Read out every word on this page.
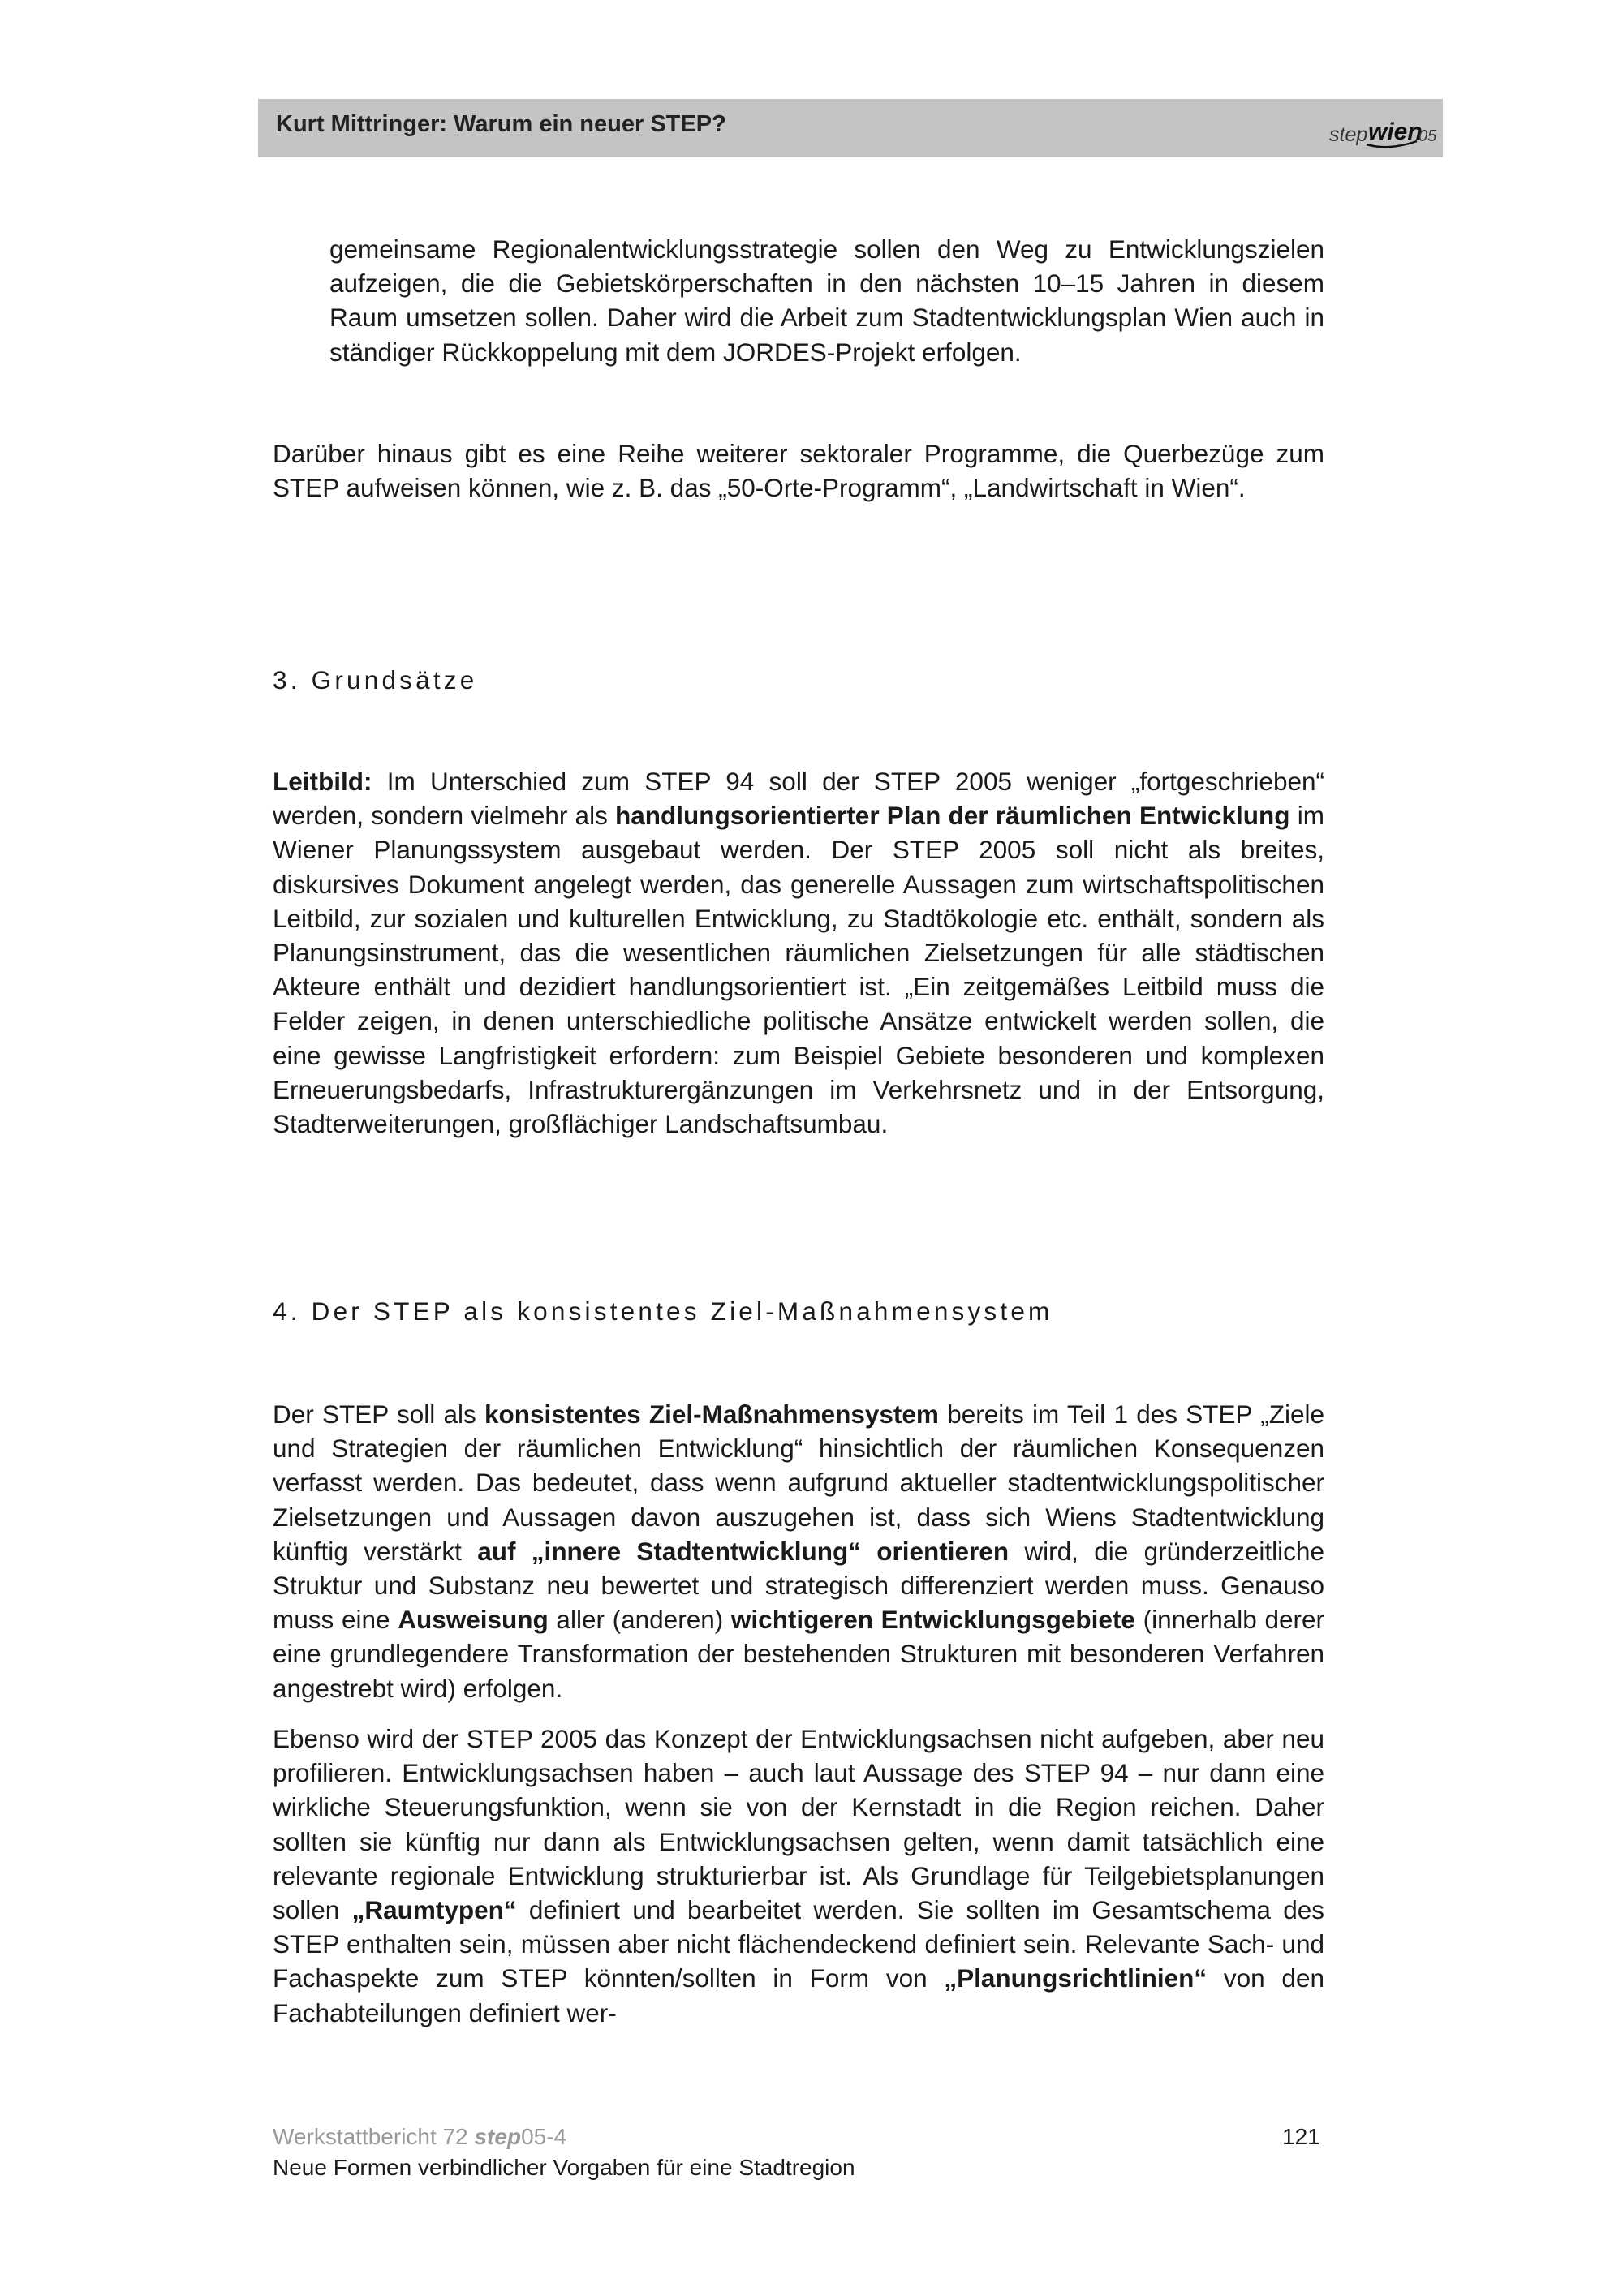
Kurt Mittringer: Warum ein neuer STEP?	step wien
05

gemeinsame Regionalentwicklungsstrategie sollen den Weg zu Entwicklungszielen aufzeigen, die die Gebietskörperschaften in den nächsten 10–15 Jahren in diesem Raum umsetzen sollen. Daher wird die Arbeit zum Stadtentwicklungsplan Wien auch in ständiger Rückkoppelung mit dem JORDES-Projekt erfolgen.

Darüber hinaus gibt es eine Reihe weiterer sektoraler Programme, die Querbezüge zum STEP aufweisen können, wie z. B. das „50-Orte-Programm“, „Landwirtschaft in Wien“.

3. Grundsätze

Leitbild: Im Unterschied zum STEP 94 soll der STEP 2005 weniger „fortgeschrieben“ werden, sondern vielmehr als handlungsorientierter Plan der räumlichen Entwicklung im Wiener Planungssystem ausgebaut werden. Der STEP 2005 soll nicht als breites, diskursives Dokument angelegt werden, das generelle Aussagen zum wirtschaftspolitischen Leitbild, zur sozialen und kulturellen Entwicklung, zu Stadtökologie etc. enthält, sondern als Planungsinstrument, das die wesentlichen räumlichen Zielsetzungen für alle städtischen Akteure enthält und dezidiert handlungsorientiert ist. „Ein zeitgemäßes Leitbild muss die Felder zeigen, in denen unterschiedliche politische Ansätze entwickelt werden sollen, die eine gewisse Langfristigkeit erfordern: zum Beispiel Gebiete besonderen und komplexen Erneuerungsbedarfs, Infrastrukturergänzungen im Verkehrsnetz und in der Entsorgung, Stadterweiterungen, großflächiger Landschaftsumbau.

4. Der STEP als konsistentes Ziel-Maßnahmensystem

Der STEP soll als konsistentes Ziel-Maßnahmensystem bereits im Teil 1 des STEP „Ziele und Strategien der räumlichen Entwicklung“ hinsichtlich der räumlichen Konsequenzen verfasst werden. Das bedeutet, dass wenn aufgrund aktueller stadtentwicklungspolitischer Zielsetzungen und Aussagen davon auszugehen ist, dass sich Wiens Stadtentwicklung künftig verstärkt auf „innere Stadtentwicklung“ orientieren wird, die gründerzeitliche Struktur und Substanz neu bewertet und strategisch differenziert werden muss. Genauso muss eine Ausweisung aller (anderen) wichtigeren Entwicklungsgebiete (innerhalb derer eine grundlegendere Transformation der bestehenden Strukturen mit besonderen Verfahren angestrebt wird) erfolgen.

Ebenso wird der STEP 2005 das Konzept der Entwicklungsachsen nicht aufgeben, aber neu profilieren. Entwicklungsachsen haben – auch laut Aussage des STEP 94 – nur dann eine wirkliche Steuerungsfunktion, wenn sie von der Kernstadt in die Region reichen. Daher sollten sie künftig nur dann als Entwicklungsachsen gelten, wenn damit tatsächlich eine relevante regionale Entwicklung strukturierbar ist. Als Grundlage für Teilgebietsplanungen sollen „Raumtypen“ definiert und bearbeitet werden. Sie sollten im Gesamtschema des STEP enthalten sein, müssen aber nicht flächendeckend definiert sein. Relevante Sach- und Fachaspekte zum STEP könnten/sollten in Form von „Planungsrichtlinien“ von den Fachabteilungen definiert wer-

Werkstattbericht 72 step05-4
Neue Formen verbindlicher Vorgaben für eine Stadtregion
121
